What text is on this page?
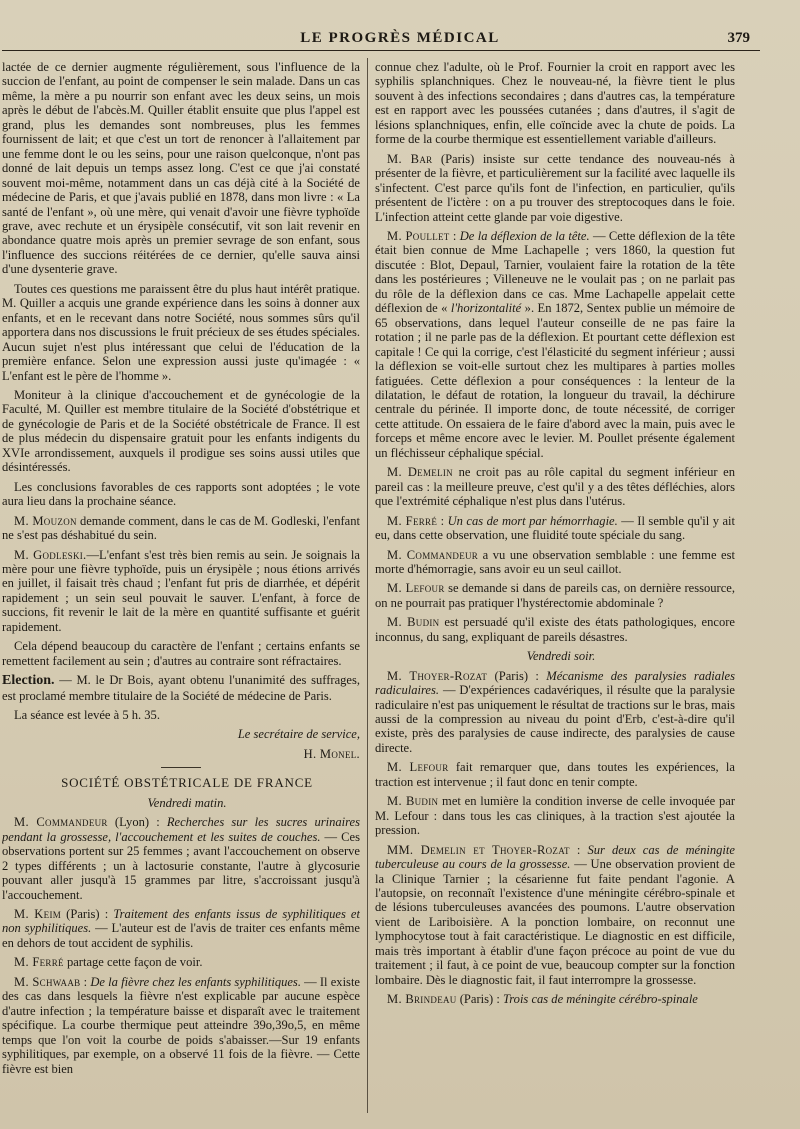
LE PROGRÈS MÉDICAL	379

lactée de ce dernier augmente régulièrement, sous l'influence de la succion de l'enfant, au point de compenser le sein malade. Dans un cas même, la mère a pu nourrir son enfant avec les deux seins, un mois après le début de l'abcès.M. Quiller établit ensuite que plus l'appel est grand, plus les demandes sont nombreuses, plus les femmes fournissent de lait; et que c'est un tort de renoncer à l'allaitement par une femme dont le ou les seins, pour une raison quelconque, n'ont pas donné de lait depuis un temps assez long. C'est ce que j'ai constaté souvent moi-même, notamment dans un cas déjà cité à la Société de médecine de Paris, et que j'avais publié en 1878, dans mon livre : « La santé de l'enfant », où une mère, qui venait d'avoir une fièvre typhoïde grave, avec rechute et un érysipèle consécutif, vit son lait revenir en abondance quatre mois après un premier sevrage de son enfant, sous l'influence des succions réitérées de ce dernier, qu'elle sauva ainsi d'une dysenterie grave.

Toutes ces questions me paraissent être du plus haut intérêt pratique. M. Quiller a acquis une grande expérience dans les soins à donner aux enfants, et en le recevant dans notre Société, nous sommes sûrs qu'il apportera dans nos discussions le fruit précieux de ses études spéciales. Aucun sujet n'est plus intéressant que celui de l'éducation de la première enfance. Selon une expression aussi juste qu'imagée : « L'enfant est le père de l'homme ».

Moniteur à la clinique d'accouchement et de gynécologie de la Faculté, M. Quiller est membre titulaire de la Société d'obstétrique et de gynécologie de Paris et de la Société obstétricale de France. Il est de plus médecin du dispensaire gratuit pour les enfants indigents du XVIe arrondissement, auxquels il prodigue ses soins aussi utiles que désintéressés.

Les conclusions favorables de ces rapports sont adoptées ; le vote aura lieu dans la prochaine séance.

M. Mouzon demande comment, dans le cas de M. Godleski, l'enfant ne s'est pas déshabitué du sein.

M. Godleski.—L'enfant s'est très bien remis au sein. Je soignais la mère pour une fièvre typhoïde, puis un érysipèle ; nous étions arrivés en juillet, il faisait très chaud ; l'enfant fut pris de diarrhée, et dépérit rapidement ; un sein seul pouvait le sauver. L'enfant, à force de succions, fit revenir le lait de la mère en quantité suffisante et guérit rapidement.

Cela dépend beaucoup du caractère de l'enfant ; certains enfants se remettent facilement au sein ; d'autres au contraire sont réfractaires.

Election. — M. le Dr Bois, ayant obtenu l'unanimité des suffrages, est proclamé membre titulaire de la Société de médecine de Paris.

La séance est levée à 5 h. 35.

Le secrétaire de service,

H. Monel.

SOCIÉTÉ OBSTÉTRICALE DE FRANCE

Vendredi matin.

M. Commandeur (Lyon) : Recherches sur les sucres urinaires pendant la grossesse, l'accouchement et les suites de couches. — Ces observations portent sur 25 femmes ; avant l'accouchement on observe 2 types différents ; un à lactosurie constante, l'autre à glycosurie pouvant aller jusqu'à 15 grammes par litre, s'accroissant jusqu'à l'accouchement.

M. Keim (Paris) : Traitement des enfants issus de syphilitiques et non syphilitiques. — L'auteur est de l'avis de traiter ces enfants même en dehors de tout accident de syphilis.

M. Ferré partage cette façon de voir.

M. Schwaab : De la fièvre chez les enfants syphilitiques. — Il existe des cas dans lesquels la fièvre n'est explicable par aucune espèce d'autre infection ; la température baisse et disparaît avec le traitement spécifique. La courbe thermique peut atteindre 39o,39o,5, en même temps que l'on voit la courbe de poids s'abaisser.—Sur 19 enfants syphilitiques, par exemple, on a observé 11 fois de la fièvre. — Cette fièvre est bien

connue chez l'adulte, où le Prof. Fournier la croit en rapport avec les syphilis splanchniques. Chez le nouveau-né, la fièvre tient le plus souvent à des infections secondaires ; dans d'autres cas, la température est en rapport avec les poussées cutanées ; dans d'autres, il s'agit de lésions splanchniques, enfin, elle coïncide avec la chute de poids. La forme de la courbe thermique est essentiellement variable d'ailleurs.

M. Bar (Paris) insiste sur cette tendance des nouveau-nés à présenter de la fièvre, et particulièrement sur la facilité avec laquelle ils s'infectent. C'est parce qu'ils font de l'infection, en particulier, qu'ils présentent de l'ictère : on a pu trouver des streptocoques dans le foie. L'infection atteint cette glande par voie digestive.

M. Poullet : De la déflexion de la tête. — Cette déflexion de la tête était bien connue de Mme Lachapelle ; vers 1860, la question fut discutée : Blot, Depaul, Tarnier, voulaient faire la rotation de la tête dans les postérieures ; Villeneuve ne le voulait pas ; on ne parlait pas du rôle de la déflexion dans ce cas. Mme Lachapelle appelait cette déflexion de « l'horizontalité ». En 1872, Sentex publie un mémoire de 65 observations, dans lequel l'auteur conseille de ne pas faire la rotation ; il ne parle pas de la déflexion. Et pourtant cette déflexion est capitale ! Ce qui la corrige, c'est l'élasticité du segment inférieur ; aussi la déflexion se voit-elle surtout chez les multipares à parties molles fatiguées. Cette déflexion a pour conséquences : la lenteur de la dilatation, le défaut de rotation, la longueur du travail, la déchirure centrale du périnée. Il importe donc, de toute nécessité, de corriger cette attitude. On essaiera de le faire d'abord avec la main, puis avec le forceps et même encore avec le levier. M. Poullet présente également un fléchisseur céphalique spécial.

M. Demelin ne croit pas au rôle capital du segment inférieur en pareil cas : la meilleure preuve, c'est qu'il y a des têtes défléchies, alors que l'extrémité céphalique n'est plus dans l'utérus.

M. Ferré : Un cas de mort par hémorrhagie. — Il semble qu'il y ait eu, dans cette observation, une fluidité toute spéciale du sang.

M. Commandeur a vu une observation semblable : une femme est morte d'hémorragie, sans avoir eu un seul caillot.

M. Lefour se demande si dans de pareils cas, on dernière ressource, on ne pourrait pas pratiquer l'hystérectomie abdominale ?

M. Budin est persuadé qu'il existe des états pathologiques, encore inconnus, du sang, expliquant de pareils désastres.

Vendredi soir.

M. Thoyer-Rozat (Paris) : Mécanisme des paralysies radiales radiculaires. — D'expériences cadavériques, il résulte que la paralysie radiculaire n'est pas uniquement le résultat de tractions sur le bras, mais aussi de la compression au niveau du point d'Erb, c'est-à-dire qu'il existe, près des paralysies de cause indirecte, des paralysies de cause directe.

M. Lefour fait remarquer que, dans toutes les expériences, la traction est intervenue ; il faut donc en tenir compte.

M. Budin met en lumière la condition inverse de celle invoquée par M. Lefour : dans tous les cas cliniques, à la traction s'est ajoutée la pression.

MM. Demelin et Thoyer-Rozat : Sur deux cas de méningite tuberculeuse au cours de la grossesse. — Une observation provient de la Clinique Tarnier ; la césarienne fut faite pendant l'agonie. A l'autopsie, on reconnaît l'existence d'une méningite cérébro-spinale et de lésions tuberculeuses avancées des poumons. L'autre observation vient de Lariboisière. A la ponction lombaire, on reconnut une lymphocytose tout à fait caractéristique. Le diagnostic en est difficile, mais très important à établir d'une façon précoce au point de vue du traitement ; il faut, à ce point de vue, beaucoup compter sur la fonction lombaire. Dès le diagnostic fait, il faut interrompre la grossesse.

M. Brindeau (Paris) : Trois cas de méningite cérébro-spinale
